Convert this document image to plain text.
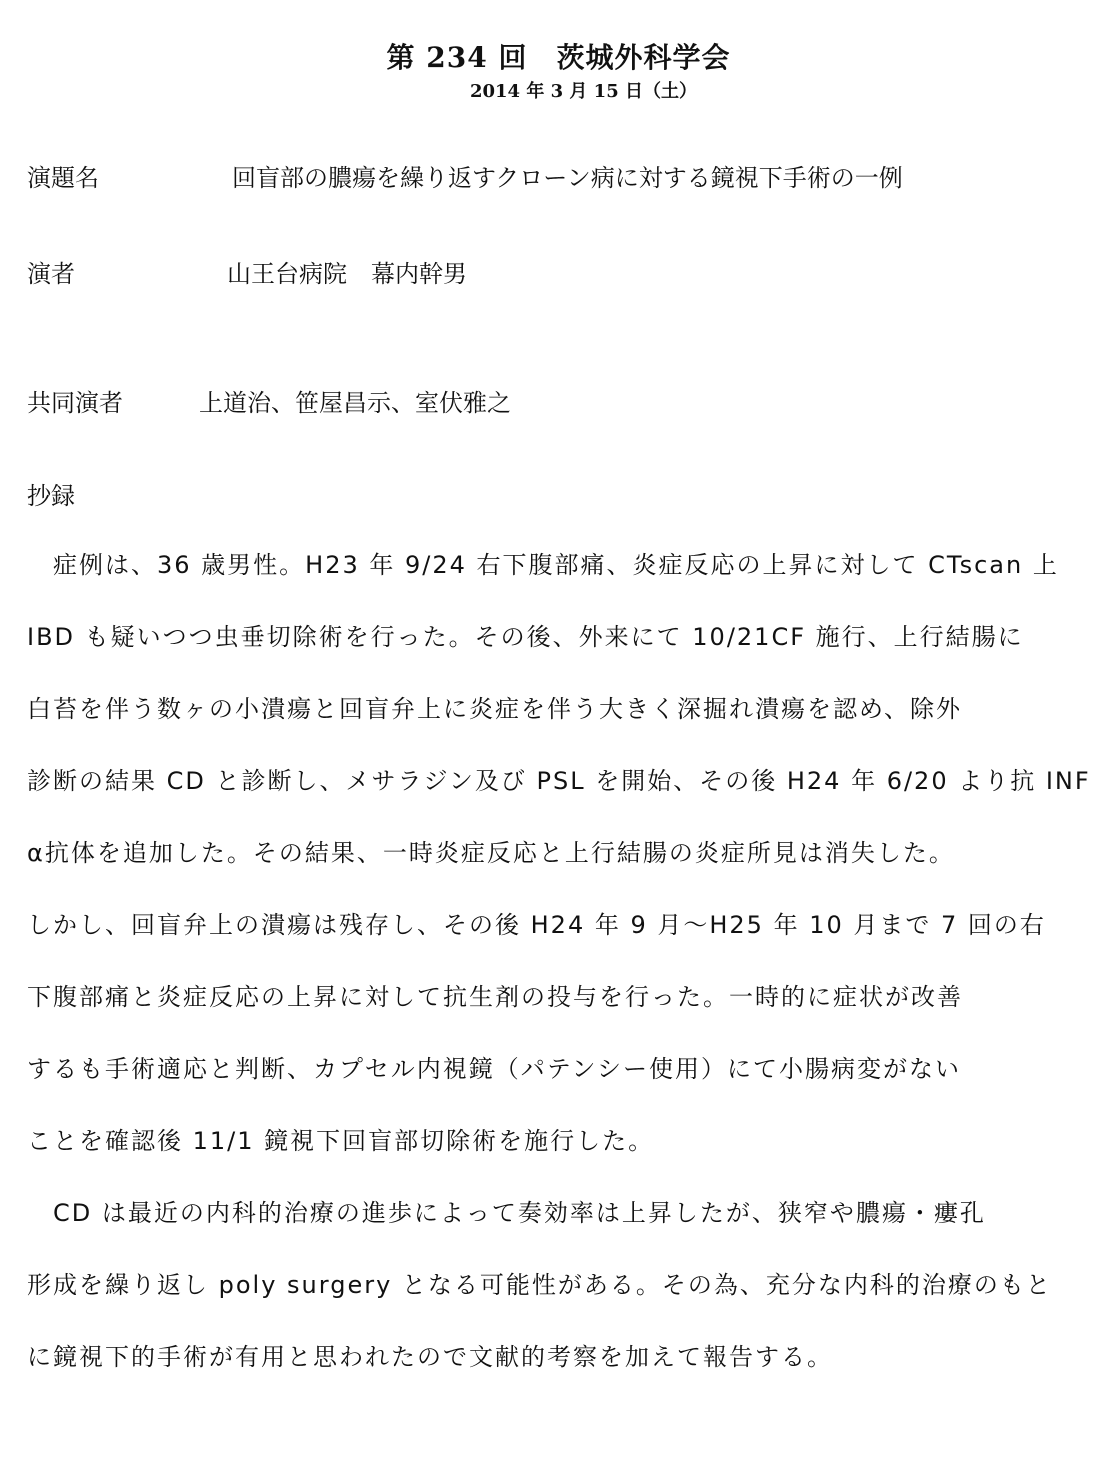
第 234 回　茨城外科学会
2014 年 3 月 15 日（土）
演題名	回盲部の膿瘍を繰り返すクローン病に対する鏡視下手術の一例
演者	山王台病院　幕内幹男
共同演者	上道治、笹屋昌示、室伏雅之
抄録
　症例は、36 歳男性。H23 年 9/24 右下腹部痛、炎症反応の上昇に対して CTscan 上
IBD も疑いつつ虫垂切除術を行った。その後、外来にて 10/21CF 施行、上行結腸に
白苔を伴う数ヶの小潰瘍と回盲弁上に炎症を伴う大きく深掘れ潰瘍を認め、除外
診断の結果 CD と診断し、メサラジン及び PSL を開始、その後 H24 年 6/20 より抗 INF
α抗体を追加した。その結果、一時炎症反応と上行結腸の炎症所見は消失した。
しかし、回盲弁上の潰瘍は残存し、その後 H24 年 9 月～H25 年 10 月まで 7 回の右
下腹部痛と炎症反応の上昇に対して抗生剤の投与を行った。一時的に症状が改善
するも手術適応と判断、カプセル内視鏡（パテンシー使用）にて小腸病変がない
ことを確認後 11/1 鏡視下回盲部切除術を施行した。
　CD は最近の内科的治療の進歩によって奏効率は上昇したが、狭窄や膿瘍・瘻孔
形成を繰り返し poly surgery となる可能性がある。その為、充分な内科的治療のもと
に鏡視下的手術が有用と思われたので文献的考察を加えて報告する。
